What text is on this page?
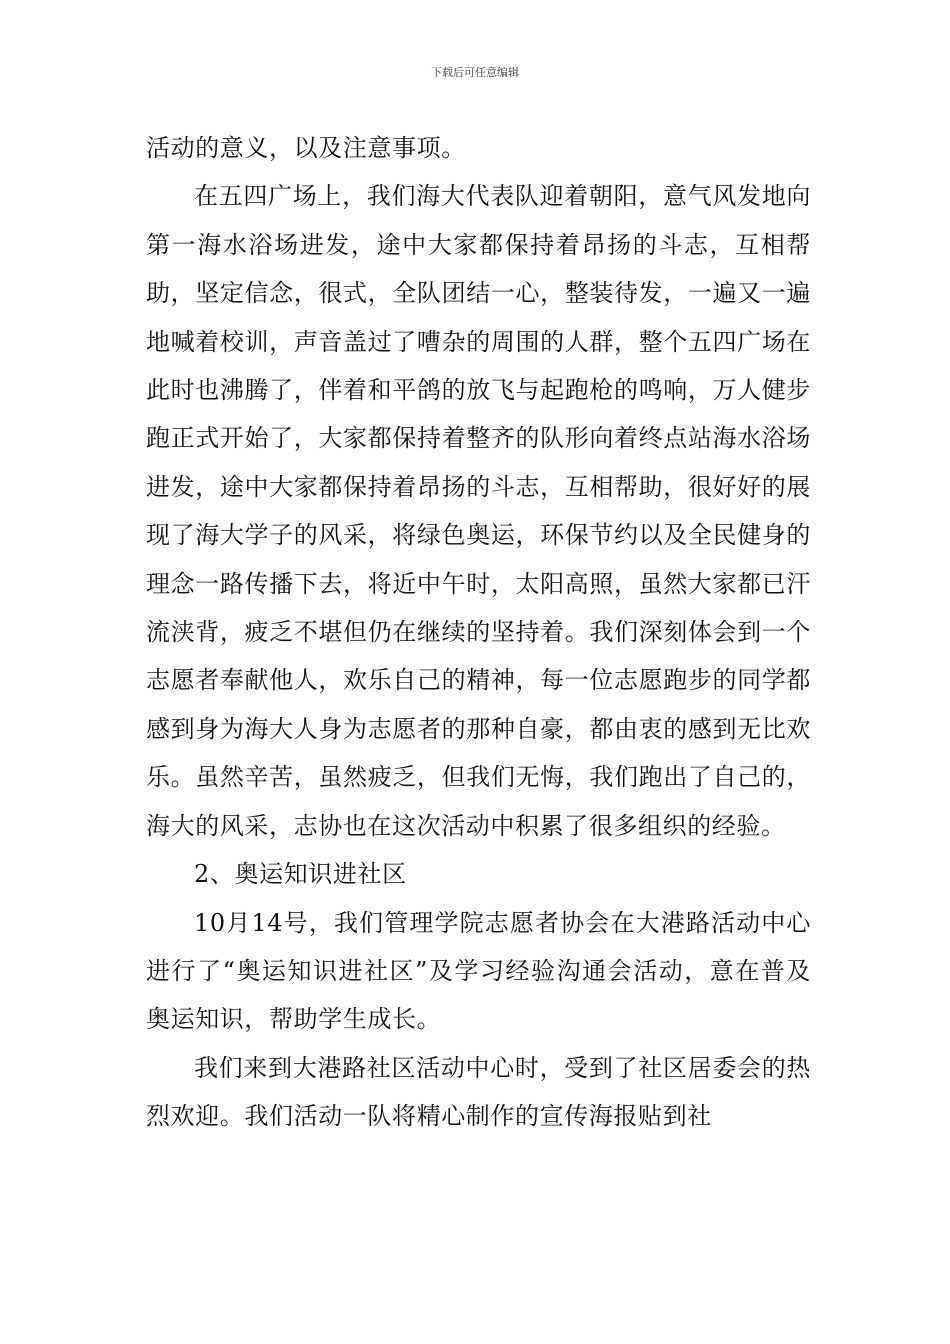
下载后可任意编辑

活动的意义，以及注意事项。

在五四广场上，我们海大代表队迎着朝阳，意气风发地向第一海水浴场进发，途中大家都保持着昂扬的斗志，互相帮助，坚定信念，很式，全队团结一心，整装待发，一遍又一遍地喊着校训，声音盖过了嘈杂的周围的人群，整个五四广场在此时也沸腾了，伴着和平鸽的放飞与起跑枪的鸣响，万人健步跑正式开始了，大家都保持着整齐的队形向着终点站海水浴场进发，途中大家都保持着昂扬的斗志，互相帮助，很好好的展现了海大学子的风采，将绿色奥运，环保节约以及全民健身的理念一路传播下去，将近中午时，太阳高照，虽然大家都已汗流浃背，疲乏不堪但仍在继续的坚持着。我们深刻体会到一个志愿者奉献他人，欢乐自己的精神，每一位志愿跑步的同学都感到身为海大人身为志愿者的那种自豪，都由衷的感到无比欢乐。虽然辛苦，虽然疲乏，但我们无悔，我们跑出了自己的，海大的风采，志协也在这次活动中积累了很多组织的经验。

2、奥运知识进社区

10月14号，我们管理学院志愿者协会在大港路活动中心进行了“奥运知识进社区”及学习经验沟通会活动，意在普及奥运知识，帮助学生成长。

我们来到大港路社区活动中心时，受到了社区居委会的热烈欢迎。我们活动一队将精心制作的宣传海报贴到社
